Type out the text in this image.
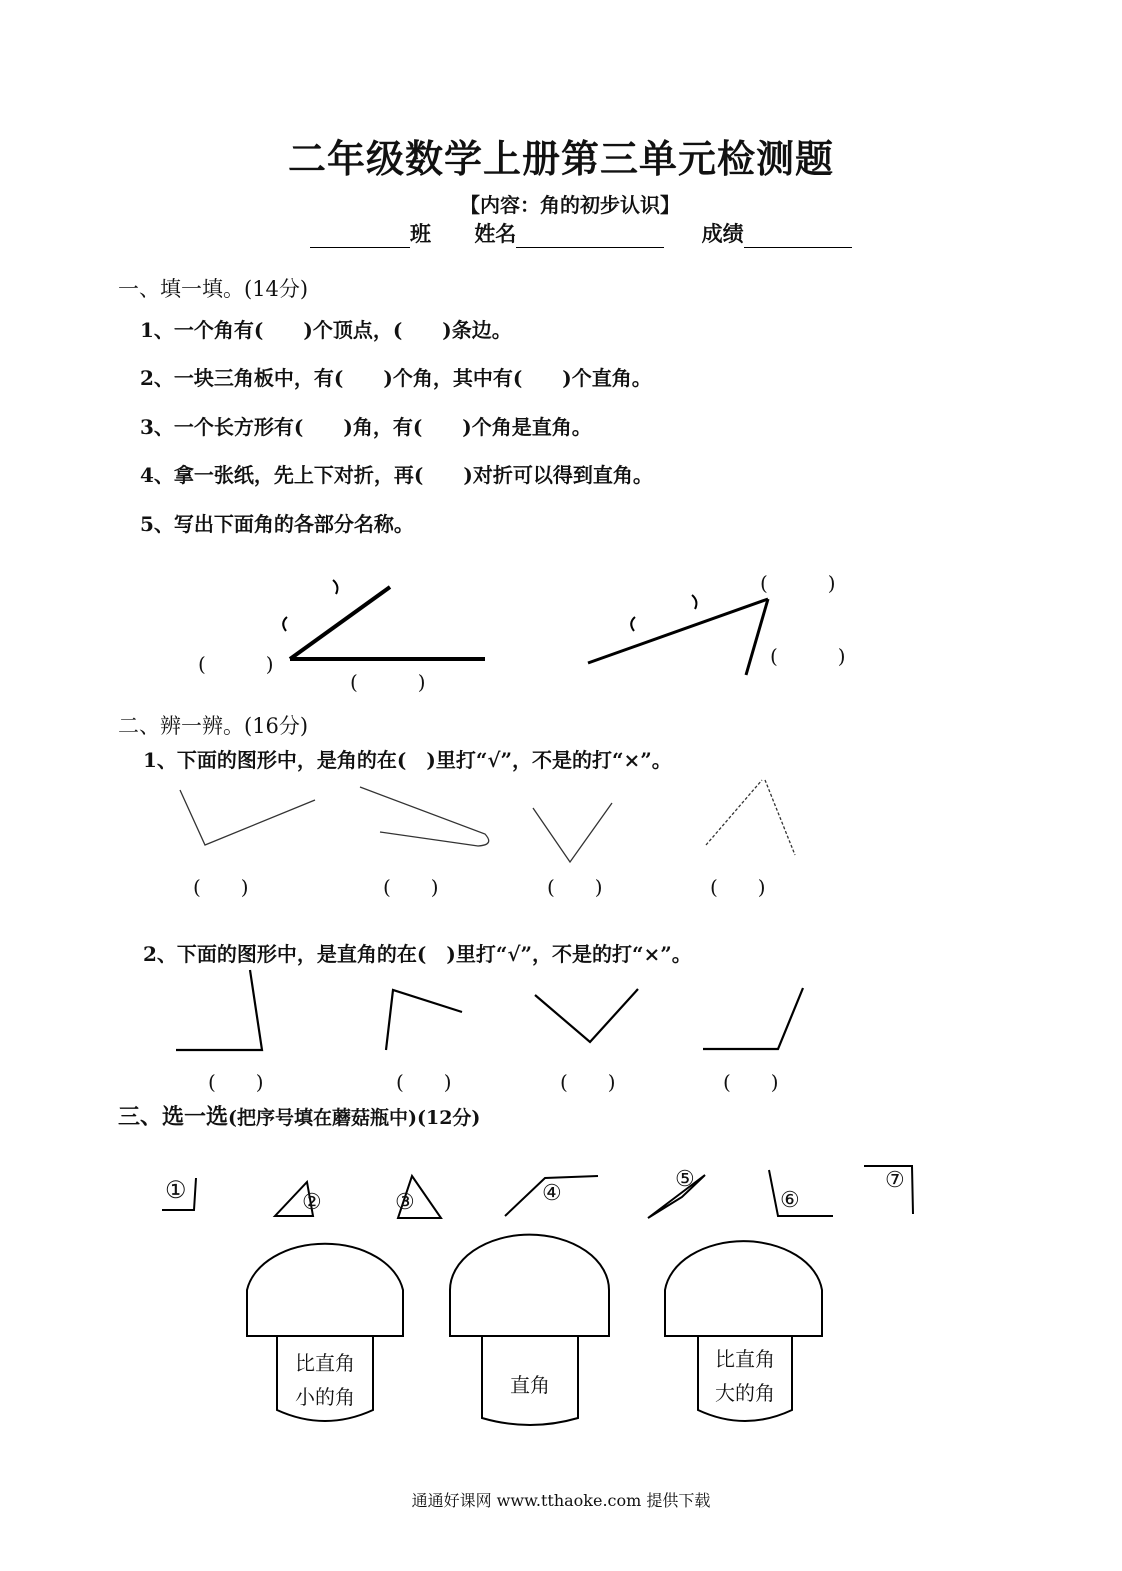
二年级数学上册第三单元检测题
【内容：角的初步认识】
班 姓名	成绩
一、填一填。(14分)
1、一个角有(　　)个顶点，(　　)条边。
2、一块三角板中，有(　　)个角，其中有(　　)个直角。
3、一个长方形有(　　)角，有(　　)个角是直角。
4、拿一张纸，先上下对折，再(　　)对折可以得到直角。
5、写出下面角的各部分名称。
(　　　)
(　　　)
(　　　)
(　　　)
二、辨一辨。(16分)
1、下面的图形中，是角的在(　)里打“√”，不是的打“×”。
(　　)	(　　)	(　　)	(　　)
2、下面的图形中，是直角的在(　)里打“√”，不是的打“×”。
(　　)	(　　)	(　　)	(　　)
三、选一选(把序号填在蘑菇瓶中)(12分)
①	②	③	④
⑤
⑥
⑦
比直角
小的角	直角
比直角
大的角
通通好课网 www.tthaoke.com 提供下载
